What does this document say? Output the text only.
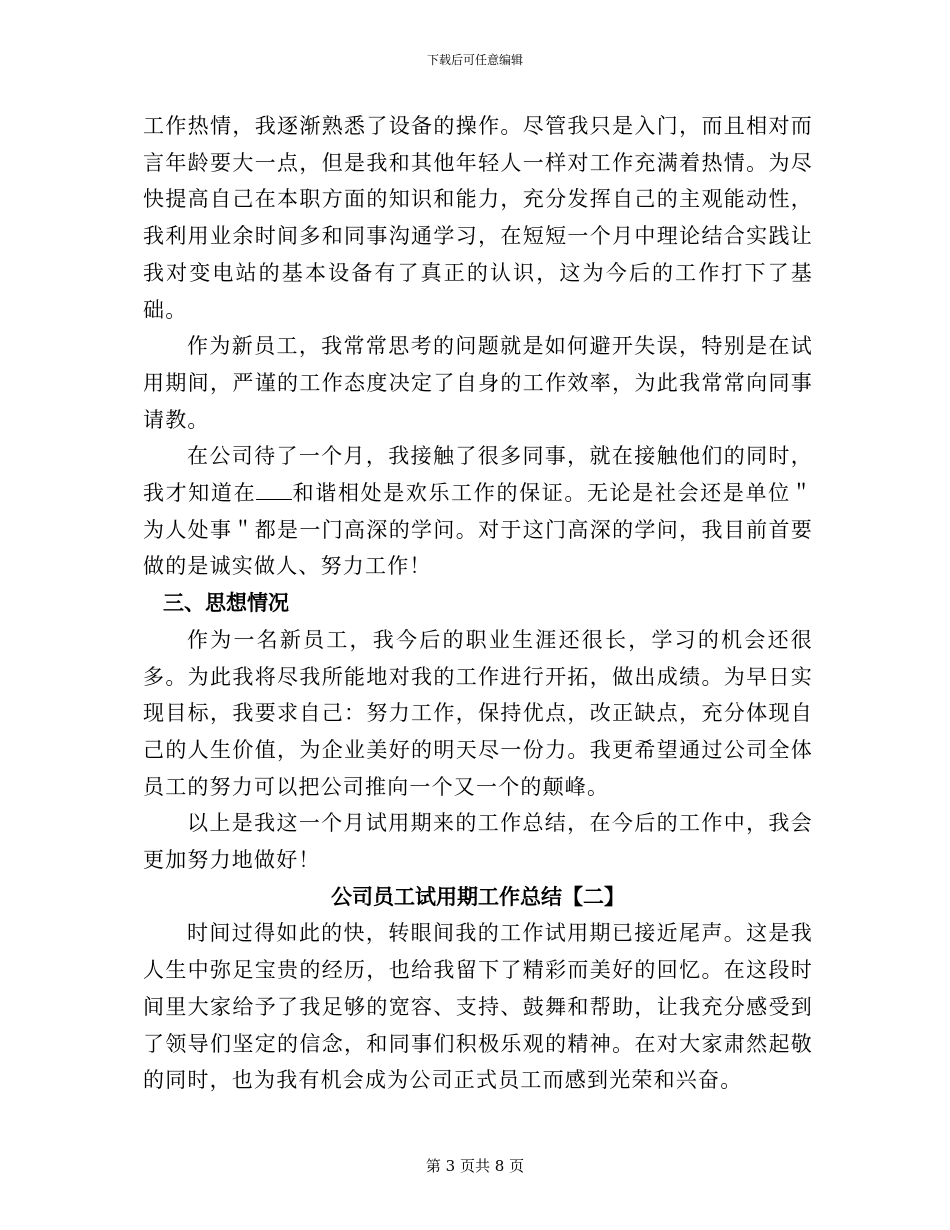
下载后可任意编辑

工作热情，我逐渐熟悉了设备的操作。尽管我只是入门，而且相对而言年龄要大一点，但是我和其他年轻人一样对工作充满着热情。为尽快提高自己在本职方面的知识和能力，充分发挥自己的主观能动性，我利用业余时间多和同事沟通学习，在短短一个月中理论结合实践让我对变电站的基本设备有了真正的认识，这为今后的工作打下了基础。

作为新员工，我常常思考的问题就是如何避开失误，特别是在试用期间，严谨的工作态度决定了自身的工作效率，为此我常常向同事请教。

在公司待了一个月，我接触了很多同事，就在接触他们的同时，我才知道在 和谐相处是欢乐工作的保证。无论是社会还是单位＂为人处事＂都是一门高深的学问。对于这门高深的学问，我目前首要做的是诚实做人、努力工作！

三、思想情况

作为一名新员工，我今后的职业生涯还很长，学习的机会还很多。为此我将尽我所能地对我的工作进行开拓，做出成绩。为早日实现目标，我要求自己：努力工作，保持优点，改正缺点，充分体现自己的人生价值，为企业美好的明天尽一份力。我更希望通过公司全体员工的努力可以把公司推向一个又一个的颠峰。

以上是我这一个月试用期来的工作总结，在今后的工作中，我会更加努力地做好！

公司员工试用期工作总结【二】

时间过得如此的快，转眼间我的工作试用期已接近尾声。这是我人生中弥足宝贵的经历，也给我留下了精彩而美好的回忆。在这段时间里大家给予了我足够的宽容、支持、鼓舞和帮助，让我充分感受到了领导们坚定的信念，和同事们积极乐观的精神。在对大家肃然起敬的同时，也为我有机会成为公司正式员工而感到光荣和兴奋。

第 3 页共 8 页
